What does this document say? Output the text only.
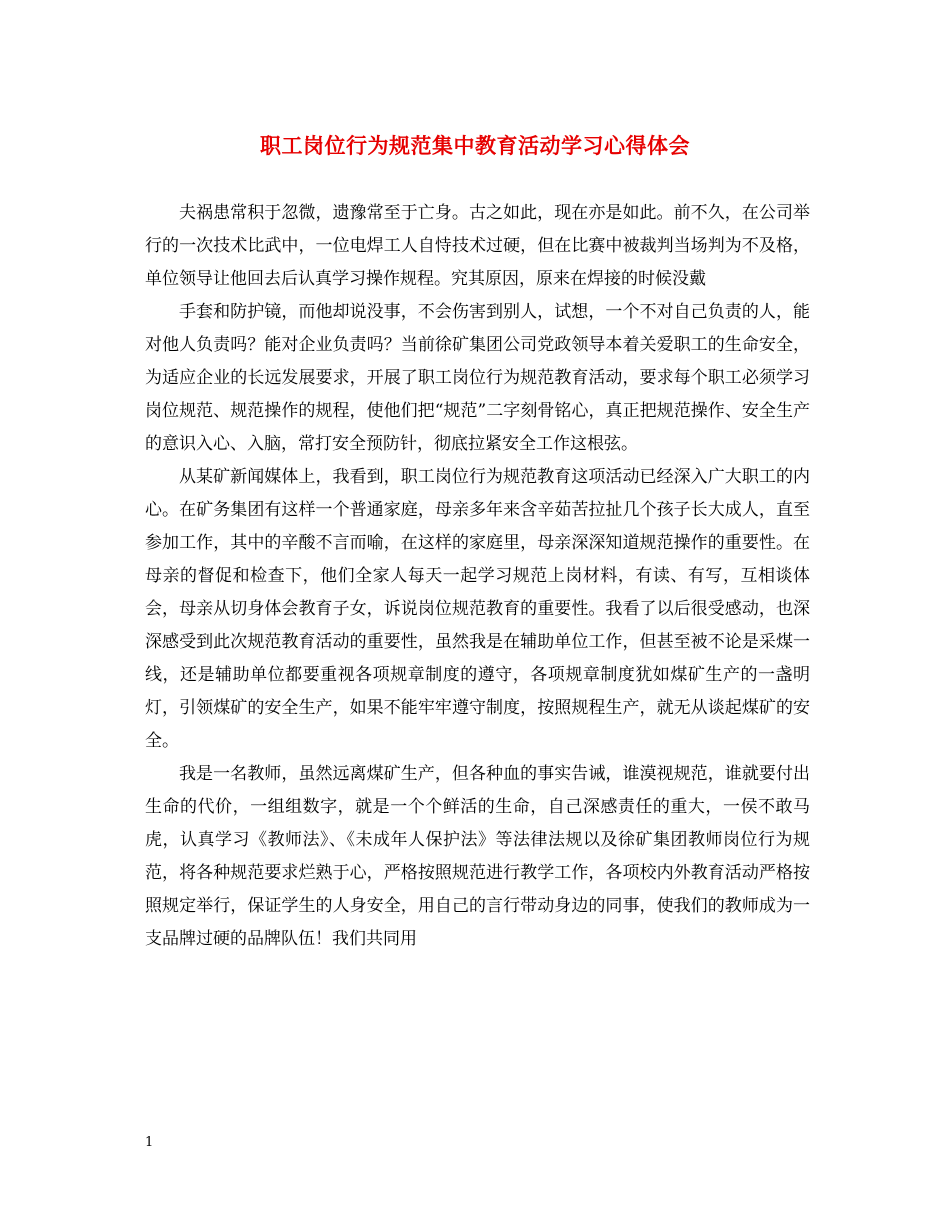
职工岗位行为规范集中教育活动学习心得体会

夫祸患常积于忽微，遗豫常至于亡身。古之如此，现在亦是如此。前不久，在公司举行的一次技术比武中，一位电焊工人自恃技术过硬，但在比赛中被裁判当场判为不及格，单位领导让他回去后认真学习操作规程。究其原因，原来在焊接的时候没戴

手套和防护镜，而他却说没事，不会伤害到别人，试想，一个不对自己负责的人，能对他人负责吗？能对企业负责吗？当前徐矿集团公司党政领导本着关爱职工的生命安全，为适应企业的长远发展要求，开展了职工岗位行为规范教育活动，要求每个职工必须学习岗位规范、规范操作的规程，使他们把“规范”二字刻骨铭心，真正把规范操作、安全生产的意识入心、入脑，常打安全预防针，彻底拉紧安全工作这根弦。

从某矿新闻媒体上，我看到，职工岗位行为规范教育这项活动已经深入广大职工的内心。在矿务集团有这样一个普通家庭，母亲多年来含辛茹苦拉扯几个孩子长大成人，直至参加工作，其中的辛酸不言而喻，在这样的家庭里，母亲深深知道规范操作的重要性。在母亲的督促和检查下，他们全家人每天一起学习规范上岗材料，有读、有写，互相谈体会，母亲从切身体会教育子女，诉说岗位规范教育的重要性。我看了以后很受感动，也深深感受到此次规范教育活动的重要性，虽然我是在辅助单位工作，但甚至被不论是采煤一线，还是辅助单位都要重视各项规章制度的遵守，各项规章制度犹如煤矿生产的一盏明灯，引领煤矿的安全生产，如果不能牢牢遵守制度，按照规程生产，就无从谈起煤矿的安全。

我是一名教师，虽然远离煤矿生产，但各种血的事实告诫，谁漠视规范，谁就要付出生命的代价，一组组数字，就是一个个鲜活的生命，自己深感责任的重大，一侯不敢马虎，认真学习《教师法》、《未成年人保护法》等法律法规以及徐矿集团教师岗位行为规范，将各种规范要求烂熟于心，严格按照规范进行教学工作，各项校内外教育活动严格按照规定举行，保证学生的人身安全，用自己的言行带动身边的同事，使我们的教师成为一支品牌过硬的品牌队伍！我们共同用

1
